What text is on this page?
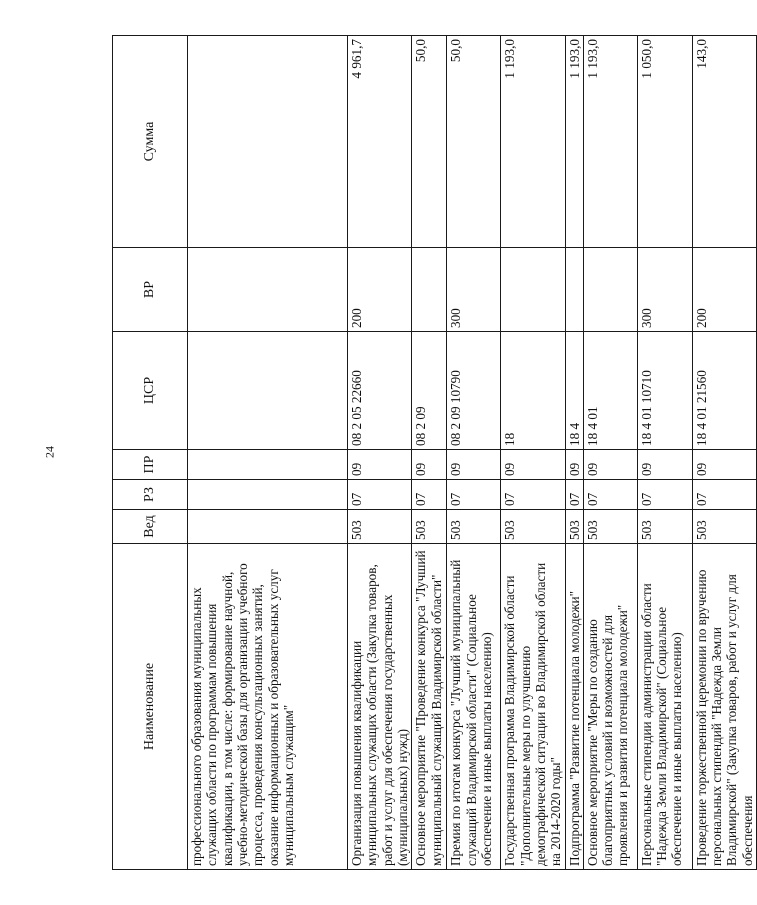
24
Наименование	Вед	РЗ	ПР	ЦСР	ВР	Сумма
профессионального образования муниципальных служащих области по программам повышения квалификации, в том числе: формирование научной, учебно-методической базы для организации учебного процесса, проведения консультационных занятий, оказание информационных и образовательных услуг муниципальным служащим"						
Организация повышения квалификации муниципальных служащих области (Закупка товаров, работ и услуг для обеспечения государственных (муниципальных) нужд)	503	07	09	08 2 05 22660	200	4 961,7
Основное мероприятие "Проведение конкурса "Лучший муниципальный служащий Владимирской области"	503	07	09	08 2 09		50,0
Премия по итогам конкурса "Лучший муниципальный служащий Владимирской области" (Социальное обеспечение и иные выплаты населению)	503	07	09	08 2 09 10790	300	50,0
Государственная программа Владимирской области "Дополнительные меры по улучшению демографической ситуации во Владимирской области на 2014-2020 годы"	503	07	09	18		1 193,0
Подпрограмма "Развитие потенциала молодежи"	503	07	09	18 4		1 193,0
Основное мероприятие "Меры по созданию благоприятных условий и возможностей для проявления и развития потенциала молодежи"	503	07	09	18 4 01		1 193,0
Персональные стипендии администрации области "Надежда Земли Владимирской" (Социальное обеспечение и иные выплаты населению)	503	07	09	18 4 01 10710	300	1 050,0
Проведение торжественной церемонии по вручению персональных стипендий "Надежда Земли Владимирской" (Закупка товаров, работ и услуг для обеспечения	503	07	09	18 4 01 21560	200	143,0
